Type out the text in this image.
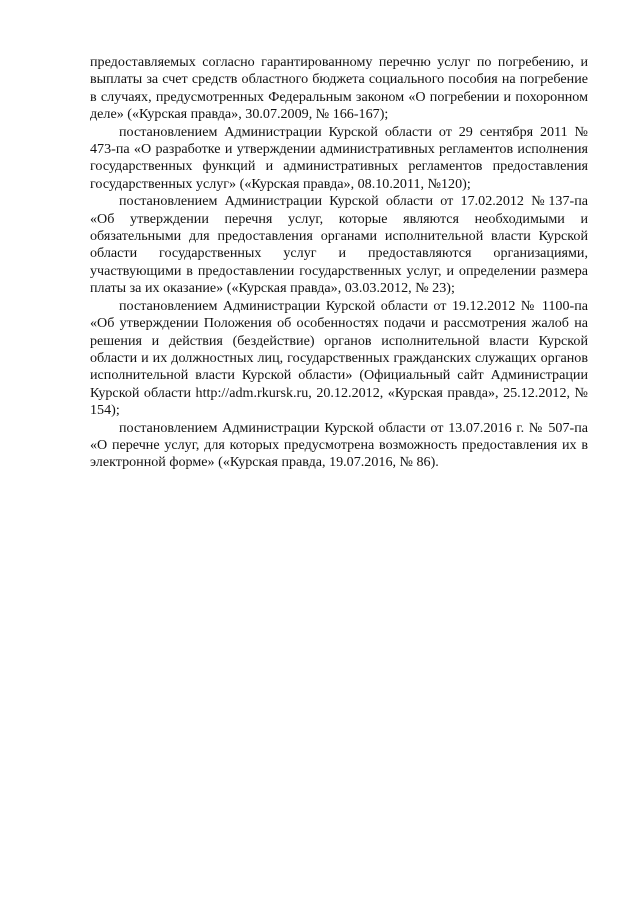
предоставляемых согласно гарантированному перечню услуг по погребению, и выплаты за счет средств областного бюджета социального пособия на погребение в случаях, предусмотренных Федеральным законом «О погребении и похоронном деле» («Курская правда», 30.07.2009, № 166-167);

постановлением Администрации Курской области от 29 сентября 2011 № 473-па «О разработке и утверждении административных регламентов исполнения государственных функций и административных регламентов предоставления государственных услуг» («Курская правда», 08.10.2011, №120);

постановлением Администрации Курской области от 17.02.2012 №137-па «Об утверждении перечня услуг, которые являются необходимыми и обязательными для предоставления органами исполнительной власти Курской области государственных услуг и предоставляются организациями, участвующими в предоставлении государственных услуг, и определении размера платы за их оказание» («Курская правда», 03.03.2012, № 23);

постановлением Администрации Курской области от 19.12.2012 № 1100-па «Об утверждении Положения об особенностях подачи и рассмотрения жалоб на решения и действия (бездействие) органов исполнительной власти Курской области и их должностных лиц, государственных гражданских служащих органов исполнительной власти Курской области» (Официальный сайт Администрации Курской области http://adm.rkursk.ru, 20.12.2012, «Курская правда», 25.12.2012, № 154);

постановлением Администрации Курской области от 13.07.2016 г. № 507-па «О перечне услуг, для которых предусмотрена возможность предоставления их в электронной форме» («Курская правда, 19.07.2016, № 86).
